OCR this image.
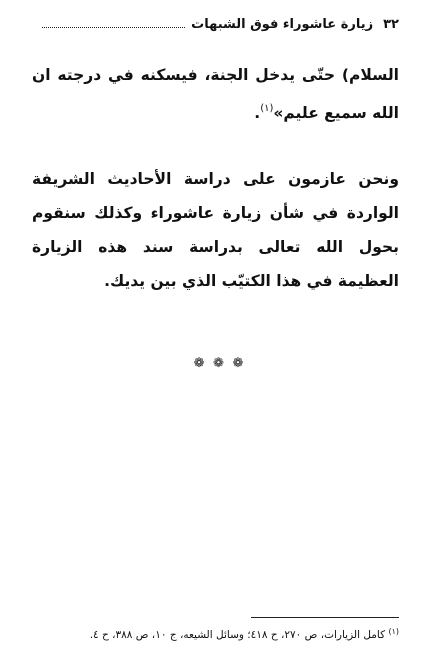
٣٢
زيارة عاشوراء فوق الشبهات

السلام) حتّى يدخل الجنة، فيسكنه في درجته ان الله سميع عليم»$^{(١)}$.

ونحن عازمون على دراسة الأحاديث الشريفة الواردة في شأن زيارة عاشوراء وكذلك سنقوم بحول الله تعالى بدراسة سند هذه الزيارة العظيمة في هذا الكتيّب الذي بين يديك.

❁ ❁ ❁
$^{(١)}$ كامل الزيارات، ص ٢٧٠، ح ٤١٨؛ وسائل الشيعه، ج ١٠، ص ٣٨٨، ح ٤.
